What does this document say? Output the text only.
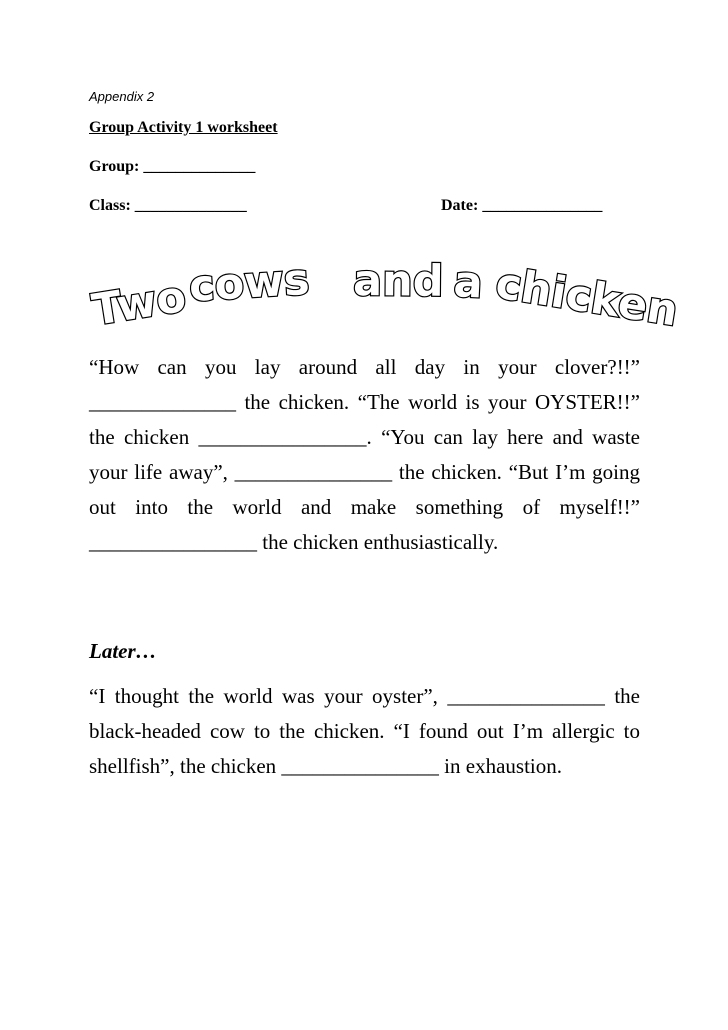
Appendix 2
Group Activity 1 worksheet
Group: ______________
Class: ______________	Date: _______________
Two
cows and a chicken

“How can you lay around all day in your clover?!!” ______________ the chicken. “The world is your OYSTER!!” the chicken ________________. “You can lay here and waste your life away”, _______________ the chicken. “But I’m going out into the world and make something of myself!!” ________________ the chicken enthusiastically.

Later…

“I thought the world was your oyster”, _______________ the black-headed cow to the chicken. “I found out I’m allergic to shellfish”, the chicken _______________ in exhaustion.
